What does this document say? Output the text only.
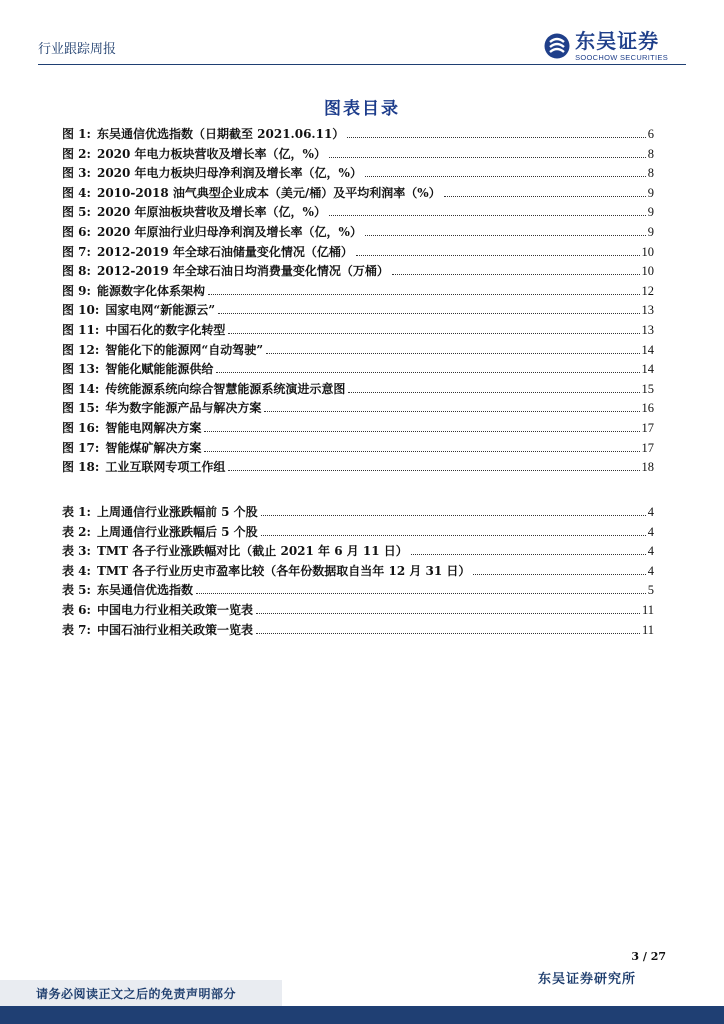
行业跟踪周报	东吴证券
SOOCHOW SECURITIES
图表目录
图 1: 东吴通信优选指数（日期截至 2021.06.11）	6
图 2: 2020 年电力板块营收及增长率（亿，%）	8
图 3: 2020 年电力板块归母净利润及增长率（亿，%）	8
图 4: 2010-2018 油气典型企业成本（美元/桶）及平均利润率（%）	9
图 5: 2020 年原油板块营收及增长率（亿，%）	9
图 6: 2020 年原油行业归母净利润及增长率（亿，%）	9
图 7: 2012-2019 年全球石油储量变化情况（亿桶）	10
图 8: 2012-2019 年全球石油日均消费量变化情况（万桶）	10
图 9: 能源数字化体系架构	12
图 10: 国家电网“新能源云”	13
图 11: 中国石化的数字化转型	13
图 12: 智能化下的能源网“自动驾驶”	14
图 13: 智能化赋能能源供给	14
图 14: 传统能源系统向综合智慧能源系统演进示意图	15
图 15: 华为数字能源产品与解决方案	16
图 16: 智能电网解决方案	17
图 17: 智能煤矿解决方案	17
图 18: 工业互联网专项工作组	18
表 1: 上周通信行业涨跌幅前 5 个股	4
表 2: 上周通信行业涨跌幅后 5 个股	4
表 3: TMT 各子行业涨跌幅对比（截止 2021 年 6 月 11 日）	4
表 4: TMT 各子行业历史市盈率比较（各年份数据取自当年 12 月 31 日）	4
表 5: 东吴通信优选指数	5
表 6: 中国电力行业相关政策一览表	11
表 7: 中国石油行业相关政策一览表	11
3 / 27
东吴证券研究所
请务必阅读正文之后的免责声明部分
